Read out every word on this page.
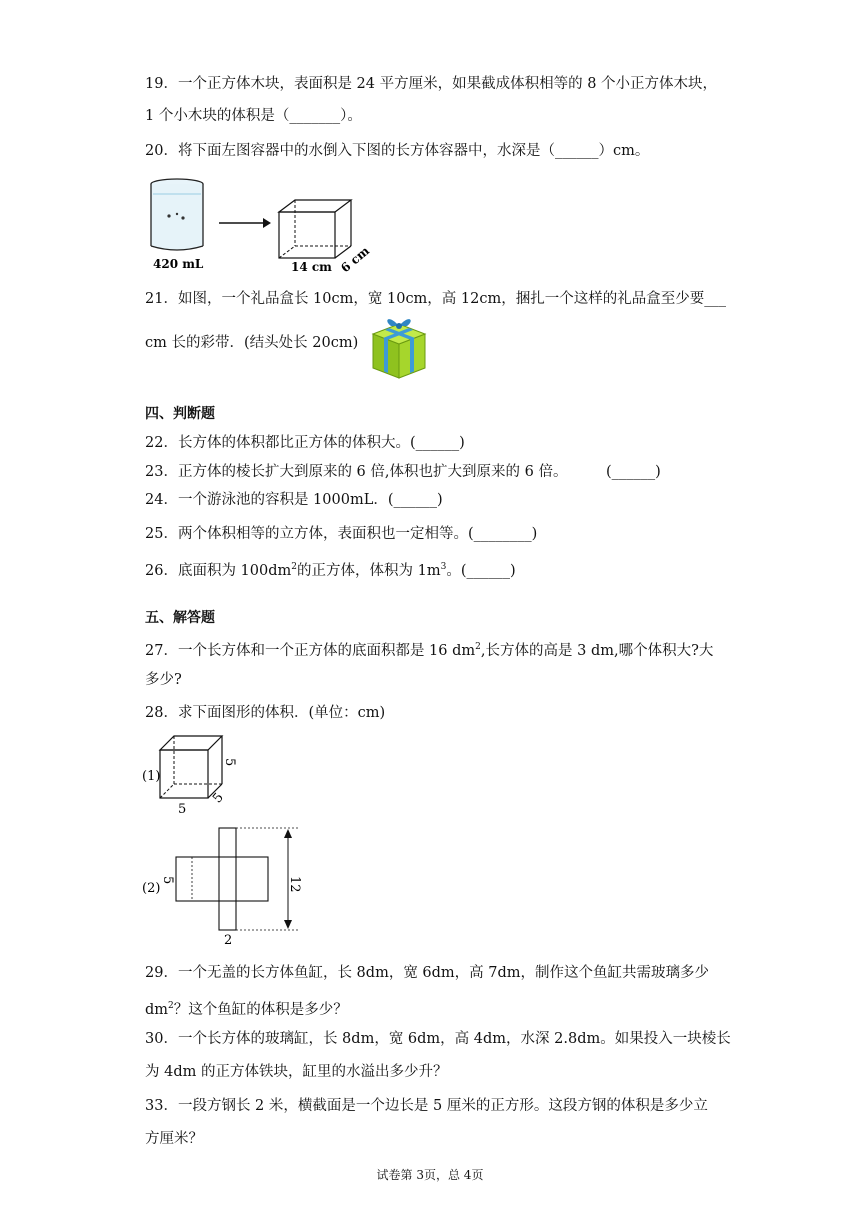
19．一个正方体木块，表面积是 24 平方厘米，如果截成体积相等的 8 个小正方体木块，
1 个小木块的体积是（_______）。
20．将下面左图容器中的水倒入下图的长方体容器中，水深是（______）cm。
420 mL	14 cm 6 cm
21．如图，一个礼品盒长 10cm，宽 10cm，高 12cm，捆扎一个这样的礼品盒至少要___
cm 长的彩带．(结头处长 20cm)
四、判断题
22．长方体的体积都比正方体的体积大。(______)
23．正方体的棱长扩大到原来的 6 倍,体积也扩大到原来的 6 倍。	(______)
24．一个游泳池的容积是 1000mL．(______)
25．两个体积相等的立方体，表面积也一定相等。(________)
26．底面积为 $100dm^2$的正方体，体积为 $1m^3$。(______)
五、解答题
27．一个长方体和一个正方体的底面积都是 16 $dm^2$,长方体的高是 3 dm,哪个体积大?大
多少?
28．求下面图形的体积．(单位：cm)
(1)
5
5
5
(2)	12
5
2
29．一个无盖的长方体鱼缸，长 8dm，宽 6dm，高 7dm，制作这个鱼缸共需玻璃多少
$dm^2$？这个鱼缸的体积是多少？
30．一个长方体的玻璃缸，长 8dm，宽 6dm，高 4dm，水深 2.8dm。如果投入一块棱长
为 4dm 的正方体铁块，缸里的水溢出多少升？
33．一段方钢长 2 米，横截面是一个边长是 5 厘米的正方形。这段方钢的体积是多少立
方厘米？
试卷第 3页，总 4页
